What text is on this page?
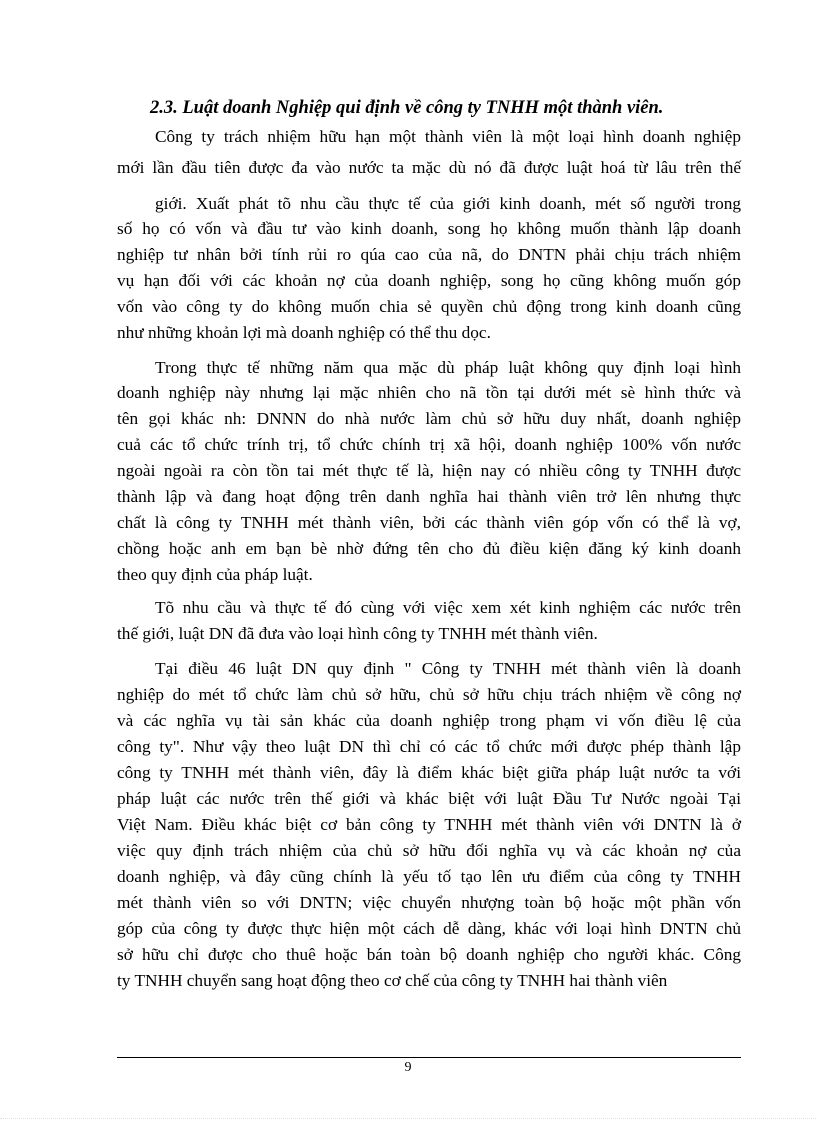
2.3. Luật doanh Nghiệp qui định về công ty TNHH một thành viên.
Công ty trách nhiệm hữu hạn một thành viên là một loại hình doanh nghiệp
mới lần đầu tiên được đa vào nước ta mặc dù nó đã được luật hoá từ lâu trên thế
giới. Xuất phát tõ nhu cầu thực tế của giới kinh doanh, mét số người trong
số họ có vốn và đầu tư vào kinh doanh, song họ không muốn thành lập doanh
nghiệp tư nhân bởi tính rủi ro qúa cao của nã, do DNTN phải chịu trách nhiệm
vụ hạn đối với các khoản nợ của doanh nghiệp, song họ cũng không muốn góp
vốn vào công ty do không muốn chia sẻ quyền chủ động trong kinh doanh cũng
như những khoản lợi mà doanh nghiệp có thể thu dọc.
Trong thực tế những năm qua mặc dù pháp luật không quy định loại hình
doanh nghiệp này nhưng lại mặc nhiên cho nã tồn tại dưới mét sè hình thức và
tên gọi khác nh: DNNN do nhà nước làm chủ sở hữu duy nhất, doanh nghiệp
cuả các tổ chức trính trị, tổ chức chính trị xã hội, doanh nghiệp 100% vốn nước
ngoài ngoài ra còn tồn tai mét thực tế là, hiện nay có nhiều công ty TNHH được
thành lập và đang hoạt động trên danh nghĩa hai thành viên trở lên nhưng thực
chất là công ty TNHH mét thành viên, bởi các thành viên góp vốn có thể là vợ,
chồng hoặc anh em bạn bè nhờ đứng tên cho đủ điều kiện đăng ký kinh doanh
theo quy định của pháp luật.
Tõ nhu cầu và thực tế đó cùng với việc xem xét kinh nghiệm các nước trên
thế giới, luật DN đã đưa vào loại hình công ty TNHH mét thành viên.
Tại điều 46 luật DN quy định " Công ty TNHH mét thành viên là doanh
nghiệp do mét tổ chức làm chủ sở hữu, chủ sở hữu chịu trách nhiệm về công nợ
và các nghĩa vụ tài sản khác của doanh nghiệp trong phạm vi vốn điều lệ của
công ty". Như vậy theo luật DN thì chỉ có các tổ chức mới được phép thành lập
công ty TNHH mét thành viên, đây là điểm khác biệt giữa pháp luật nước ta với
pháp luật các nước trên thế giới và khác biệt với luật Đầu Tư Nước ngoài Tại
Việt Nam. Điều khác biệt cơ bản công ty TNHH mét thành viên với DNTN là ở
việc quy định trách nhiệm của chủ sở hữu đối nghĩa vụ và các khoản nợ của
doanh nghiệp, và đây cũng chính là yếu tố tạo lên ưu điểm của công ty TNHH
mét thành viên so với DNTN; việc chuyển nhượng toàn bộ hoặc một phần vốn
góp của công ty được thực hiện một cách dễ dàng, khác với loại hình DNTN chủ
sở hữu chỉ được cho thuê hoặc bán toàn bộ doanh nghiệp cho người khác. Công
ty TNHH chuyển sang hoạt động theo cơ chế của công ty TNHH hai thành viên
9
